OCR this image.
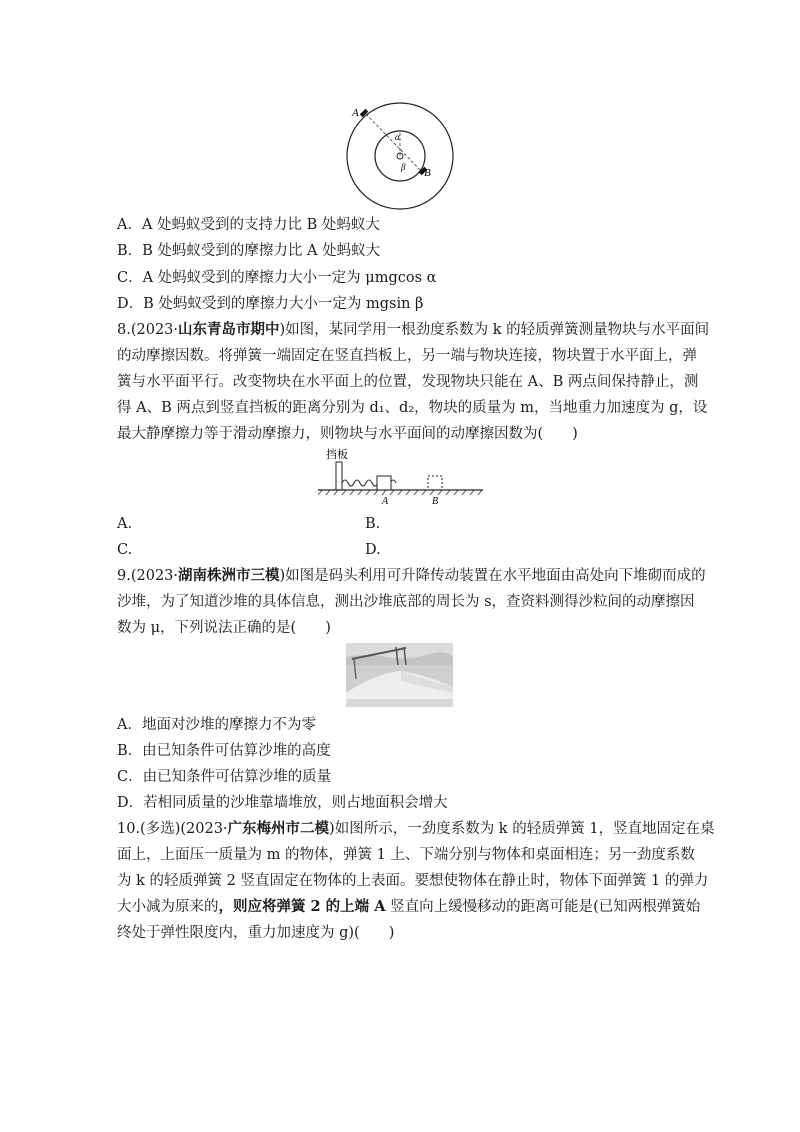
A
B
α
β
A．A 处蚂蚁受到的支持力比 B 处蚂蚁大
B．B 处蚂蚁受到的摩擦力比 A 处蚂蚁大
C．A 处蚂蚁受到的摩擦力大小一定为 μmgcos α
D．B 处蚂蚁受到的摩擦力大小一定为 mgsin β
8.(2023·山东青岛市期中)如图，某同学用一根劲度系数为 k 的轻质弹簧测量物块与水平面间
的动摩擦因数。将弹簧一端固定在竖直挡板上，另一端与物块连接，物块置于水平面上，弹
簧与水平面平行。改变物块在水平面上的位置，发现物块只能在 A、B 两点间保持静止，测
得 A、B 两点到竖直挡板的距离分别为 d₁、d₂，物块的质量为 m，当地重力加速度为 g，设
最大静摩擦力等于滑动摩擦力，则物块与水平面间的动摩擦因数为(　　)
挡板
A	B
A.	B.
C.	D.
9.(2023·湖南株洲市三模)如图是码头利用可升降传动装置在水平地面由高处向下堆砌而成的
沙堆，为了知道沙堆的具体信息，测出沙堆底部的周长为 s，查资料测得沙粒间的动摩擦因
数为 μ，下列说法正确的是(　　)
A．地面对沙堆的摩擦力不为零
B．由已知条件可估算沙堆的高度
C．由已知条件可估算沙堆的质量
D．若相同质量的沙堆靠墙堆放，则占地面积会增大
10.(多选)(2023·广东梅州市二模)如图所示，一劲度系数为 k 的轻质弹簧 1，竖直地固定在桌
面上，上面压一质量为 m 的物体，弹簧 1 上、下端分别与物体和桌面相连；另一劲度系数
为 k 的轻质弹簧 2 竖直固定在物体的上表面。要想使物体在静止时，物体下面弹簧 1 的弹力
大小减为原来的，则应将弹簧 2 的上端 A 竖直向上缓慢移动的距离可能是(已知两根弹簧始
终处于弹性限度内，重力加速度为 g)(　　)
